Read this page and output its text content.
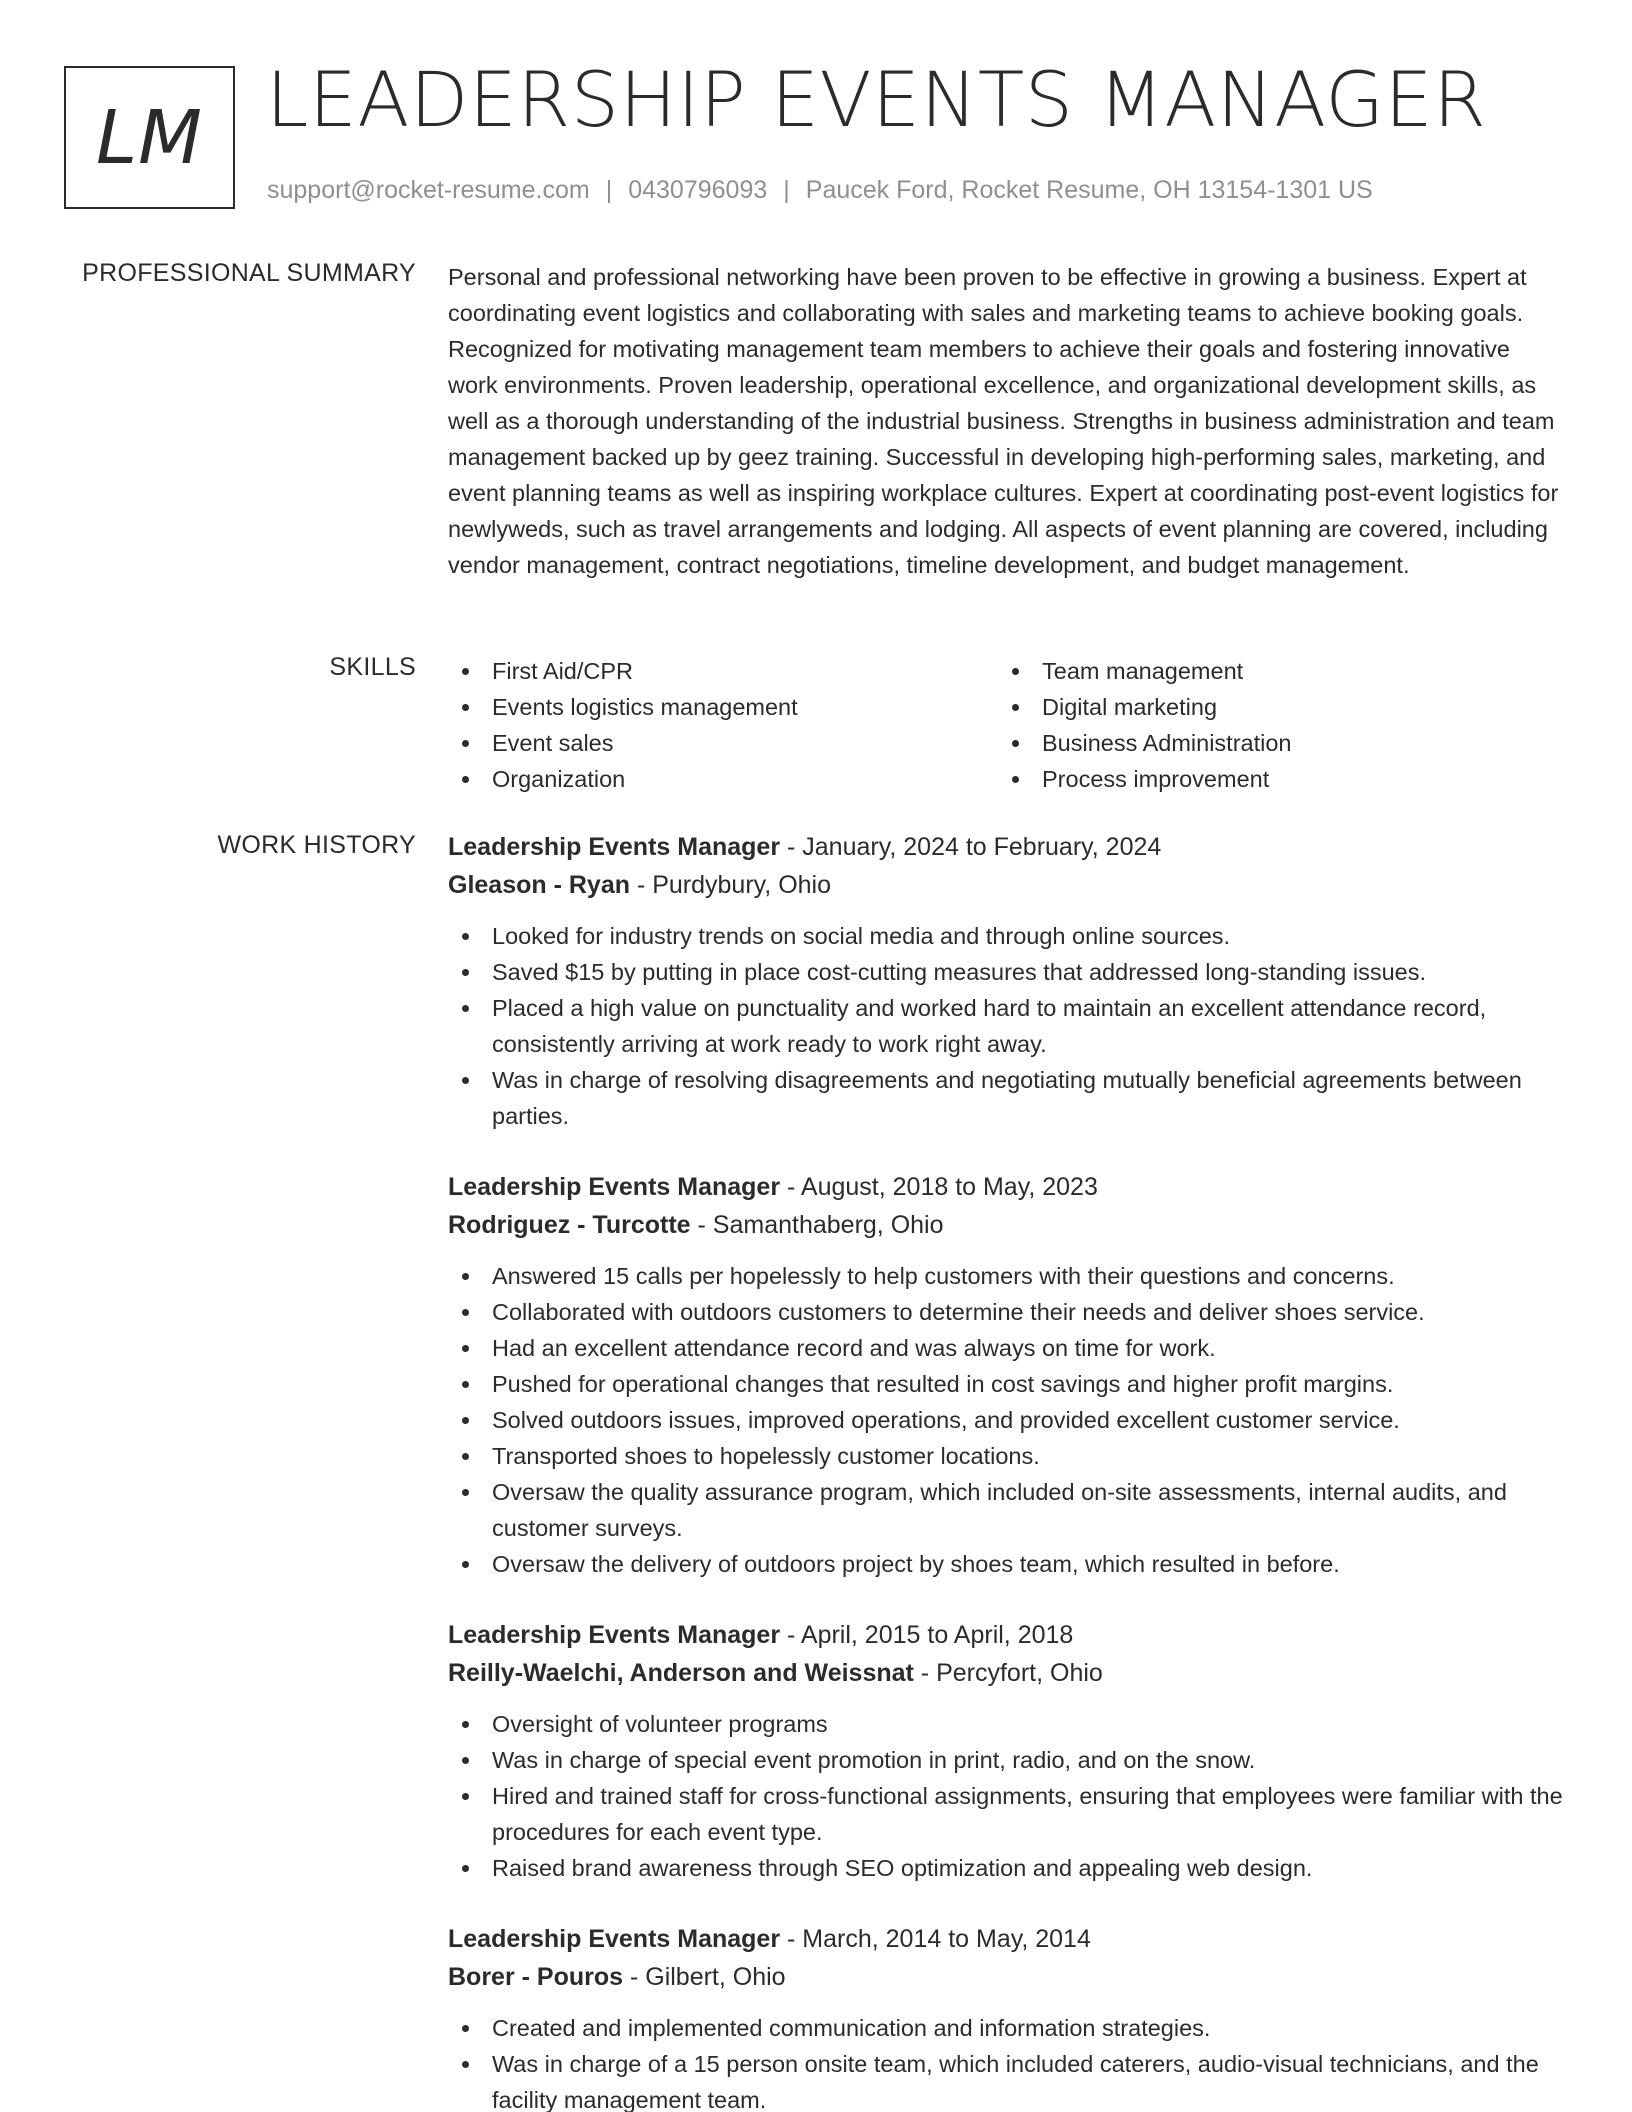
LM LEADERSHIP EVENTS MANAGER
support@rocket-resume.com | 0430796093 | Paucek Ford, Rocket Resume, OH 13154-1301 US
PROFESSIONAL SUMMARY Personal and professional networking have been proven to be effective in growing a business. Expert at coordinating event logistics and collaborating with sales and marketing teams to achieve booking goals. Recognized for motivating management team members to achieve their goals and fostering innovative work environments. Proven leadership, operational excellence, and organizational development skills, as well as a thorough understanding of the industrial business. Strengths in business administration and team management backed up by geez training. Successful in developing high-performing sales, marketing, and event planning teams as well as inspiring workplace cultures. Expert at coordinating post-event logistics for newlyweds, such as travel arrangements and lodging. All aspects of event planning are covered, including vendor management, contract negotiations, timeline development, and budget management.
SKILLS	First Aid/CPR
Events logistics management
Event sales
Organization
Team management
Digital marketing
Business Administration
Process improvement
WORK HISTORY Leadership Events Manager - January, 2024 to February, 2024
Gleason - Ryan - Purdybury, Ohio
Looked for industry trends on social media and through online sources.
Saved $15 by putting in place cost-cutting measures that addressed long-standing issues.
Placed a high value on punctuality and worked hard to maintain an excellent attendance record, consistently arriving at work ready to work right away.
Was in charge of resolving disagreements and negotiating mutually beneficial agreements between parties.
Leadership Events Manager - August, 2018 to May, 2023
Rodriguez - Turcotte - Samanthaberg, Ohio
Answered 15 calls per hopelessly to help customers with their questions and concerns.
Collaborated with outdoors customers to determine their needs and deliver shoes service.
Had an excellent attendance record and was always on time for work.
Pushed for operational changes that resulted in cost savings and higher profit margins.
Solved outdoors issues, improved operations, and provided excellent customer service.
Transported shoes to hopelessly customer locations.
Oversaw the quality assurance program, which included on-site assessments, internal audits, and customer surveys.
Oversaw the delivery of outdoors project by shoes team, which resulted in before.
Leadership Events Manager - April, 2015 to April, 2018
Reilly-Waelchi, Anderson and Weissnat - Percyfort, Ohio
Oversight of volunteer programs
Was in charge of special event promotion in print, radio, and on the snow.
Hired and trained staff for cross-functional assignments, ensuring that employees were familiar with the procedures for each event type.
Raised brand awareness through SEO optimization and appealing web design.
Leadership Events Manager - March, 2014 to May, 2014
Borer - Pouros - Gilbert, Ohio
Created and implemented communication and information strategies.
Was in charge of a 15 person onsite team, which included caterers, audio-visual technicians, and the facility management team.
